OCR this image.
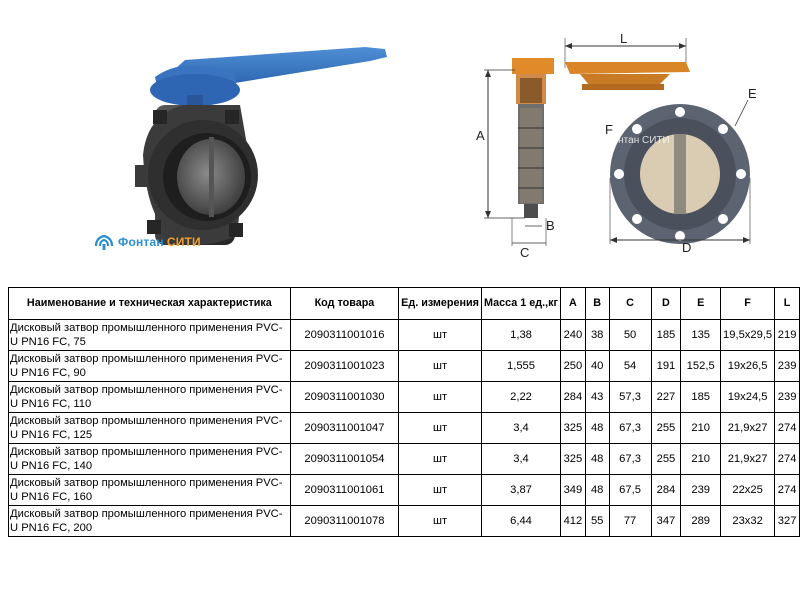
Фонтан СИТИ
A
B
C
L
Фонтан СИТИ
E
F
D
Наименование и техническая характеристика	Код товара	Ед. измерения	Масса 1 ед.,кг	A	B	C	D	E	F	L
Дисковый затвор промышленного применения PVC-U PN16 FC, 75	2090311001016	шт	1,38	240	38	50	185	135	19,5x29,5	219
Дисковый затвор промышленного применения PVC-U PN16 FC, 90	2090311001023	шт	1,555	250	40	54	191	152,5	19x26,5	239
Дисковый затвор промышленного применения PVC-U PN16 FC, 110	2090311001030	шт	2,22	284	43	57,3	227	185	19x24,5	239
Дисковый затвор промышленного применения PVC-U PN16 FC, 125	2090311001047	шт	3,4	325	48	67,3	255	210	21,9x27	274
Дисковый затвор промышленного применения PVC-U PN16 FC, 140	2090311001054	шт	3,4	325	48	67,3	255	210	21,9x27	274
Дисковый затвор промышленного применения PVC-U PN16 FC, 160	2090311001061	шт	3,87	349	48	67,5	284	239	22x25	274
Дисковый затвор промышленного применения PVC-U PN16 FC, 200	2090311001078	шт	6,44	412	55	77	347	289	23x32	327
